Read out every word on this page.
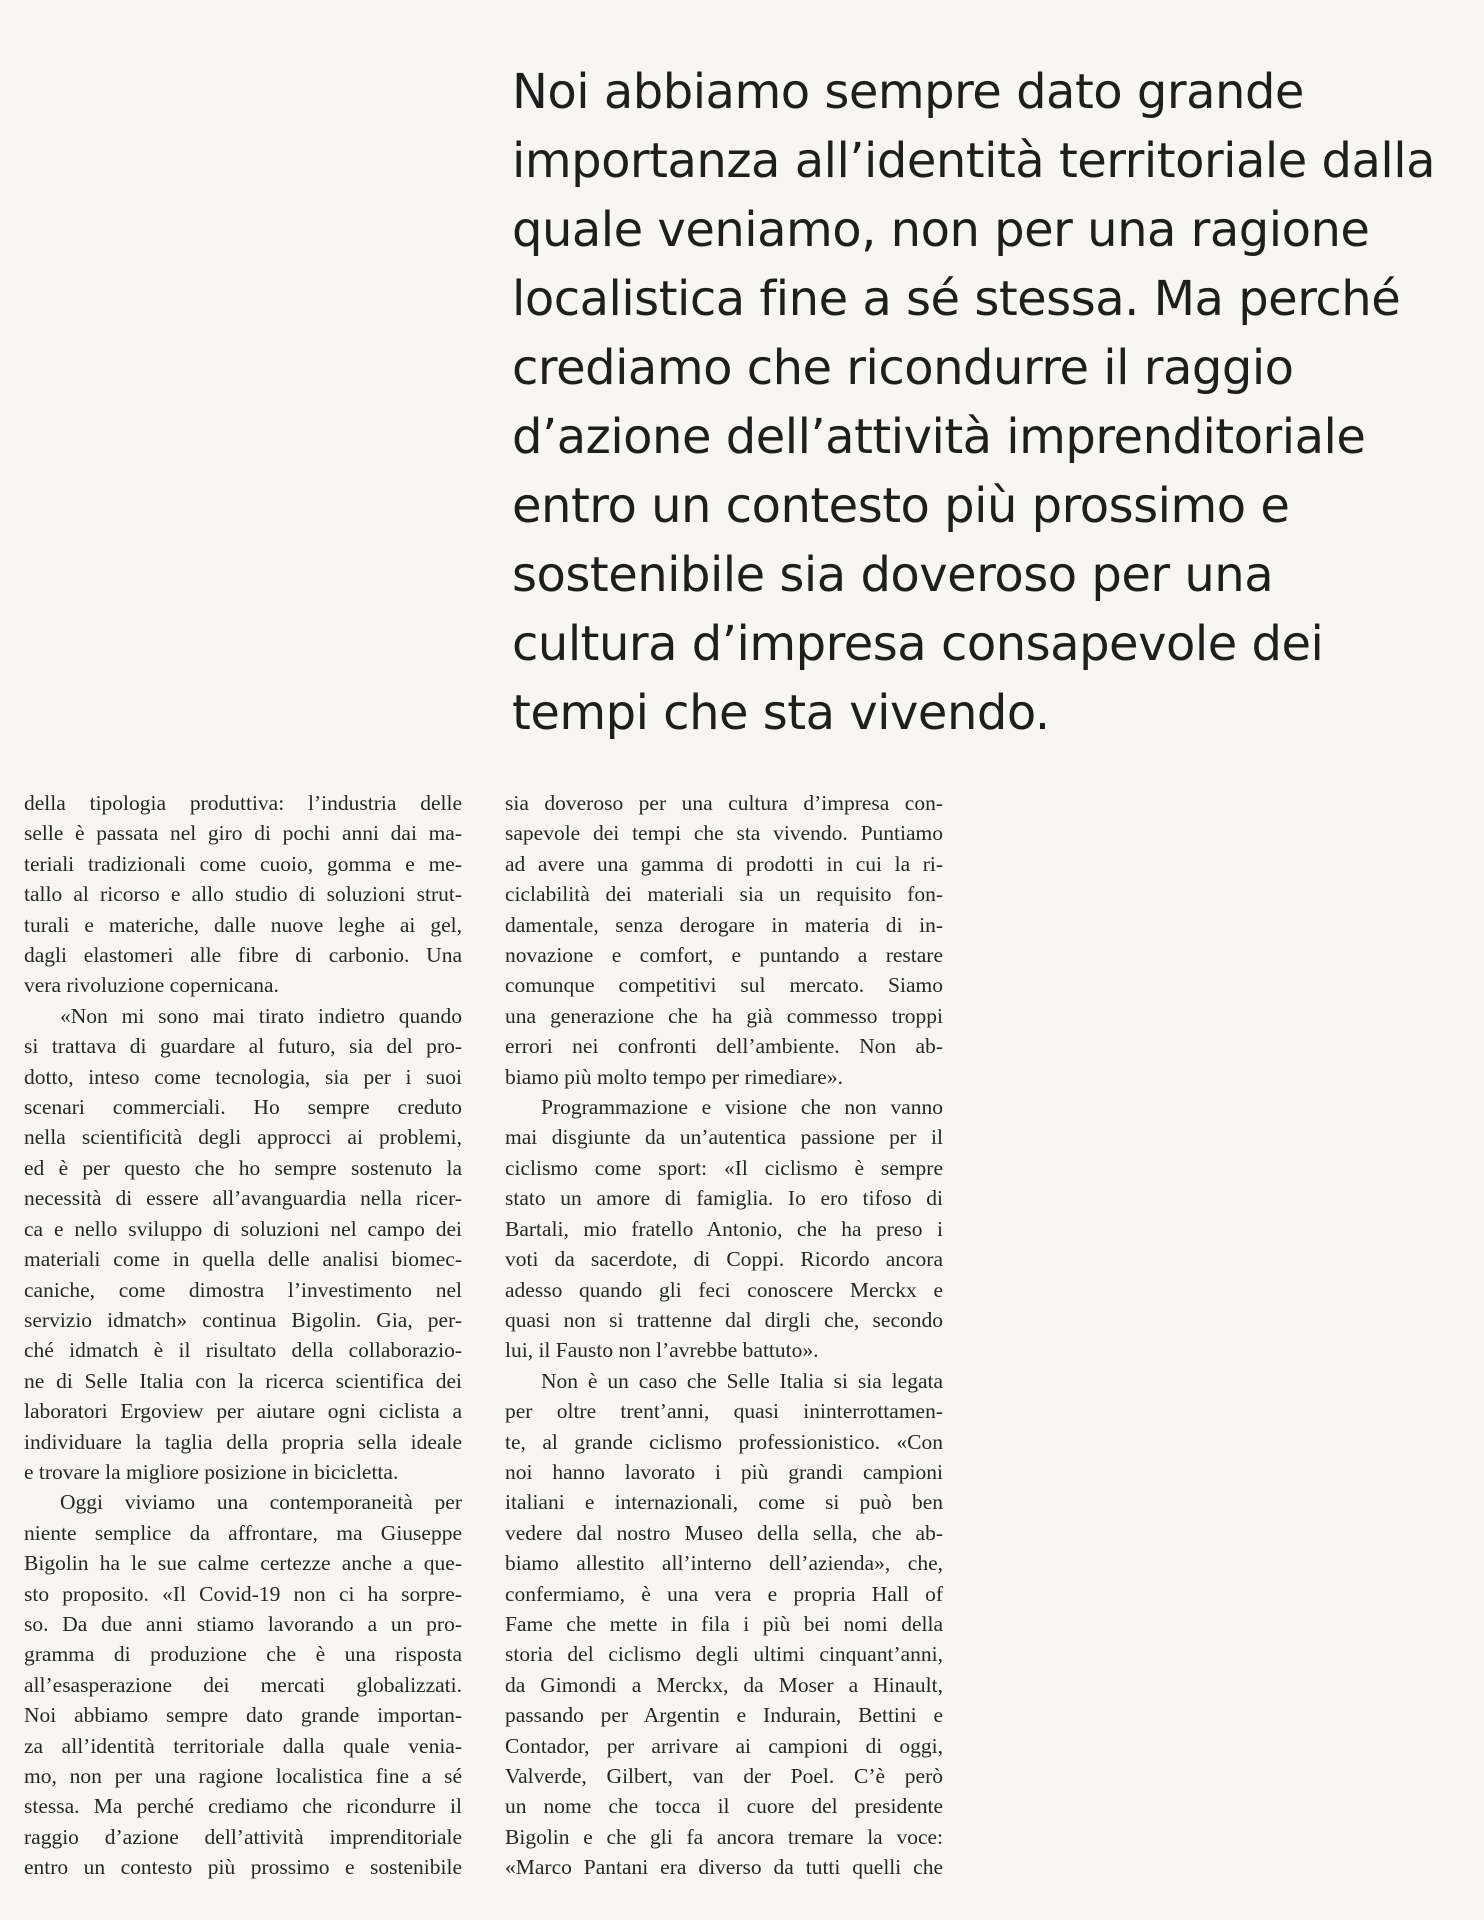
Noi abbiamo sempre dato grande
importanza all’identità territoriale dalla
quale veniamo, non per una ragione
localistica fine a sé stessa. Ma perché
crediamo che ricondurre il raggio
d’azione dell’attività imprenditoriale
entro un contesto più prossimo e
sostenibile sia doveroso per una
cultura d’impresa consapevole dei
tempi che sta vivendo.
della tipologia produttiva: l’industria delle
selle è passata nel giro di pochi anni dai ma-
teriali tradizionali come cuoio, gomma e me-
tallo al ricorso e allo studio di soluzioni strut-
turali e materiche, dalle nuove leghe ai gel,
dagli elastomeri alle fibre di carbonio. Una
vera rivoluzione copernicana.
«Non mi sono mai tirato indietro quando
si trattava di guardare al futuro, sia del pro-
dotto, inteso come tecnologia, sia per i suoi
scenari commerciali. Ho sempre creduto
nella scientificità degli approcci ai problemi,
ed è per questo che ho sempre sostenuto la
necessità di essere all’avanguardia nella ricer-
ca e nello sviluppo di soluzioni nel campo dei
materiali come in quella delle analisi biomec-
caniche, come dimostra l’investimento nel
servizio idmatch» continua Bigolin. Gia, per-
ché idmatch è il risultato della collaborazio-
ne di Selle Italia con la ricerca scientifica dei
laboratori Ergoview per aiutare ogni ciclista a
individuare la taglia della propria sella ideale
e trovare la migliore posizione in bicicletta.
Oggi viviamo una contemporaneità per
niente semplice da affrontare, ma Giuseppe
Bigolin ha le sue calme certezze anche a que-
sto proposito. «Il Covid-19 non ci ha sorpre-
so. Da due anni stiamo lavorando a un pro-
gramma di produzione che è una risposta
all’esasperazione dei mercati globalizzati.
Noi abbiamo sempre dato grande importan-
za all’identità territoriale dalla quale venia-
mo, non per una ragione localistica fine a sé
stessa. Ma perché crediamo che ricondurre il
raggio d’azione dell’attività imprenditoriale
entro un contesto più prossimo e sostenibile
sia doveroso per una cultura d’impresa con-
sapevole dei tempi che sta vivendo. Puntiamo
ad avere una gamma di prodotti in cui la ri-
ciclabilità dei materiali sia un requisito fon-
damentale, senza derogare in materia di in-
novazione e comfort, e puntando a restare
comunque competitivi sul mercato. Siamo
una generazione che ha già commesso troppi
errori nei confronti dell’ambiente. Non ab-
biamo più molto tempo per rimediare».
Programmazione e visione che non vanno
mai disgiunte da un’autentica passione per il
ciclismo come sport: «Il ciclismo è sempre
stato un amore di famiglia. Io ero tifoso di
Bartali, mio fratello Antonio, che ha preso i
voti da sacerdote, di Coppi. Ricordo ancora
adesso quando gli feci conoscere Merckx e
quasi non si trattenne dal dirgli che, secondo
lui, il Fausto non l’avrebbe battuto».
Non è un caso che Selle Italia si sia legata
per oltre trent’anni, quasi ininterrottamen-
te, al grande ciclismo professionistico. «Con
noi hanno lavorato i più grandi campioni
italiani e internazionali, come si può ben
vedere dal nostro Museo della sella, che ab-
biamo allestito all’interno dell’azienda», che,
confermiamo, è una vera e propria Hall of
Fame che mette in fila i più bei nomi della
storia del ciclismo degli ultimi cinquant’anni,
da Gimondi a Merckx, da Moser a Hinault,
passando per Argentin e Indurain, Bettini e
Contador, per arrivare ai campioni di oggi,
Valverde, Gilbert, van der Poel. C’è però
un nome che tocca il cuore del presidente
Bigolin e che gli fa ancora tremare la voce:
«Marco Pantani era diverso da tutti quelli che
